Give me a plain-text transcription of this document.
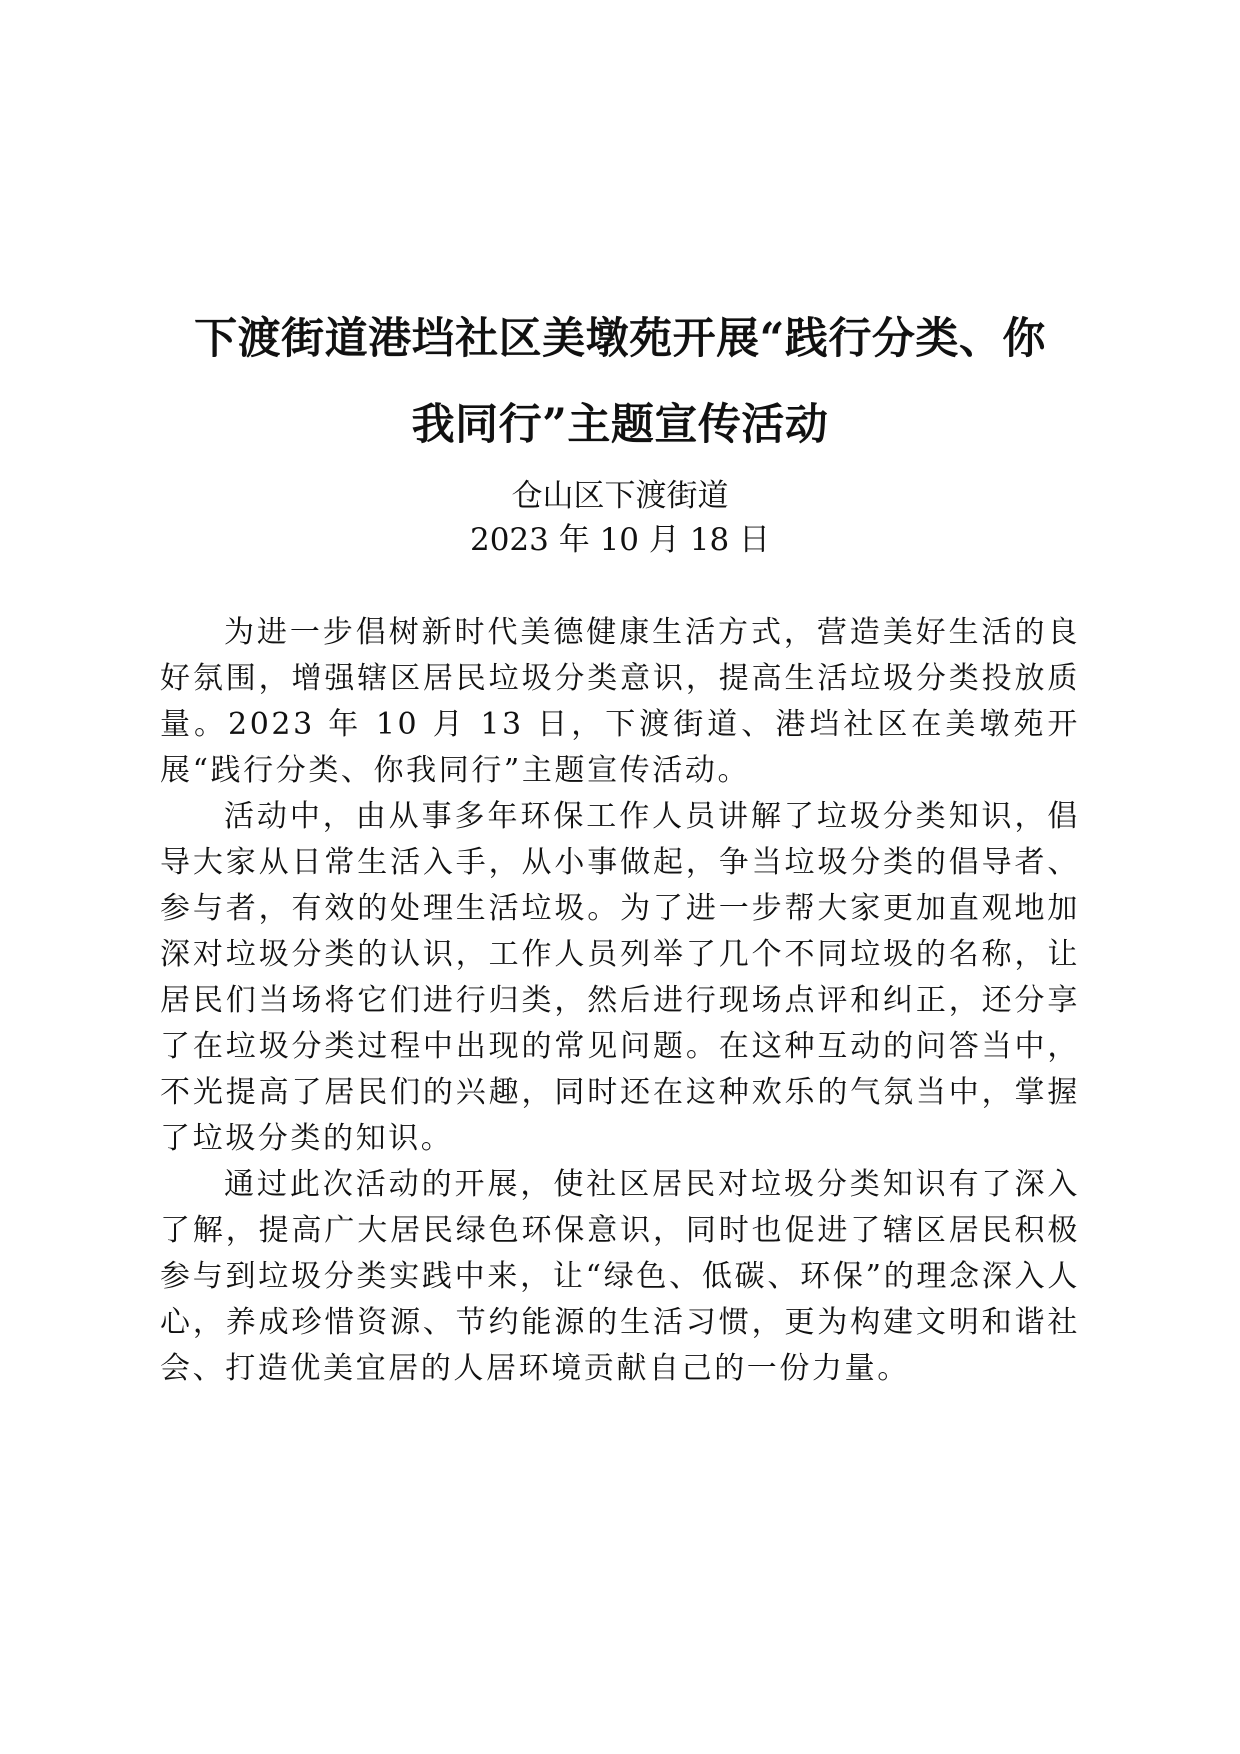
下渡街道港垱社区美墩苑开展“践行分类、你
我同行”主题宣传活动
仓山区下渡街道
2023 年 10 月 18 日

为进一步倡树新时代美德健康生活方式，营造美好生活的良好氛围，增强辖区居民垃圾分类意识，提高生活垃圾分类投放质量。2023 年 10 月 13 日，下渡街道、港垱社区在美墩苑开展“践行分类、你我同行”主题宣传活动。

活动中，由从事多年环保工作人员讲解了垃圾分类知识，倡导大家从日常生活入手，从小事做起，争当垃圾分类的倡导者、参与者，有效的处理生活垃圾。为了进一步帮大家更加直观地加深对垃圾分类的认识，工作人员列举了几个不同垃圾的名称，让居民们当场将它们进行归类，然后进行现场点评和纠正，还分享了在垃圾分类过程中出现的常见问题。在这种互动的问答当中，不光提高了居民们的兴趣，同时还在这种欢乐的气氛当中，掌握了垃圾分类的知识。

通过此次活动的开展，使社区居民对垃圾分类知识有了深入了解，提高广大居民绿色环保意识，同时也促进了辖区居民积极参与到垃圾分类实践中来，让“绿色、低碳、环保”的理念深入人心，养成珍惜资源、节约能源的生活习惯，更为构建文明和谐社会、打造优美宜居的人居环境贡献自己的一份力量。
